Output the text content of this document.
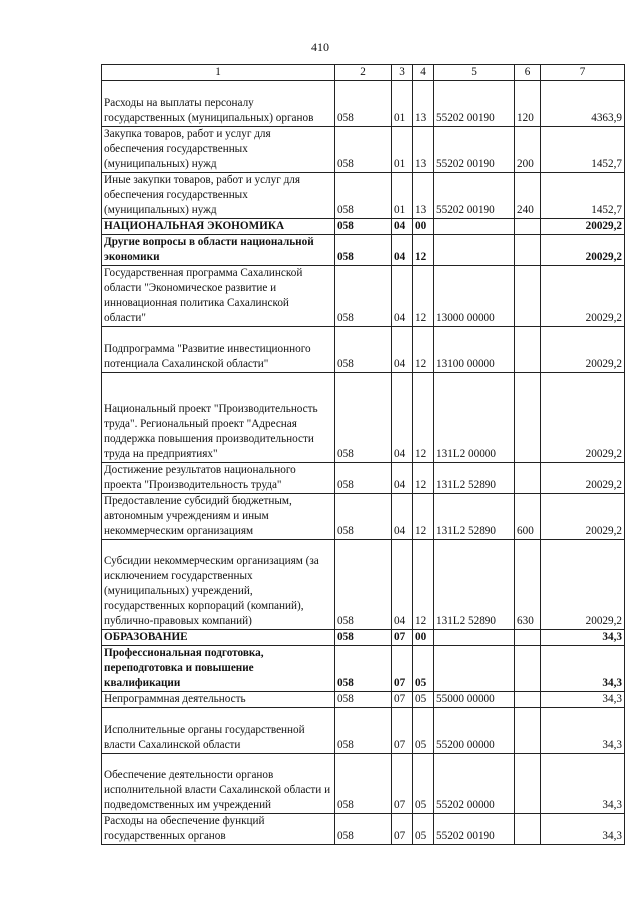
410
1	2	3	4	5	6	7
Расходы на выплаты персоналу государственных (муниципальных) органов	058	01	13	55202 00190	120	4363,9
Закупка товаров, работ и услуг для обеспечения государственных (муниципальных) нужд	058	01	13	55202 00190	200	1452,7
Иные закупки товаров, работ и услуг для обеспечения государственных (муниципальных) нужд	058	01	13	55202 00190	240	1452,7
НАЦИОНАЛЬНАЯ ЭКОНОМИКА	058	04	00			20029,2
Другие вопросы в области национальной экономики	058	04	12			20029,2
Государственная программа Сахалинской области "Экономическое развитие и инновационная политика Сахалинской области"	058	04	12	13000 00000		20029,2
Подпрограмма "Развитие инвестиционного потенциала Сахалинской области"	058	04	12	13100 00000		20029,2
Национальный проект "Производительность труда". Региональный проект "Адресная поддержка повышения производительности труда на предприятиях"	058	04	12	131L2 00000		20029,2
Достижение результатов национального проекта "Производительность труда"	058	04	12	131L2 52890		20029,2
Предоставление субсидий бюджетным, автономным учреждениям и иным некоммерческим организациям	058	04	12	131L2 52890	600	20029,2
Субсидии некоммерческим организациям (за исключением государственных (муниципальных) учреждений, государственных корпораций (компаний), публично-правовых компаний)	058	04	12	131L2 52890	630	20029,2
ОБРАЗОВАНИЕ	058	07	00			34,3
Профессиональная подготовка, переподготовка и повышение квалификации	058	07	05			34,3
Непрограммная деятельность	058	07	05	55000 00000		34,3
Исполнительные органы государственной власти Сахалинской области	058	07	05	55200 00000		34,3
Обеспечение деятельности органов исполнительной власти Сахалинской области и подведомственных им учреждений	058	07	05	55202 00000		34,3
Расходы на обеспечение функций государственных органов	058	07	05	55202 00190		34,3
